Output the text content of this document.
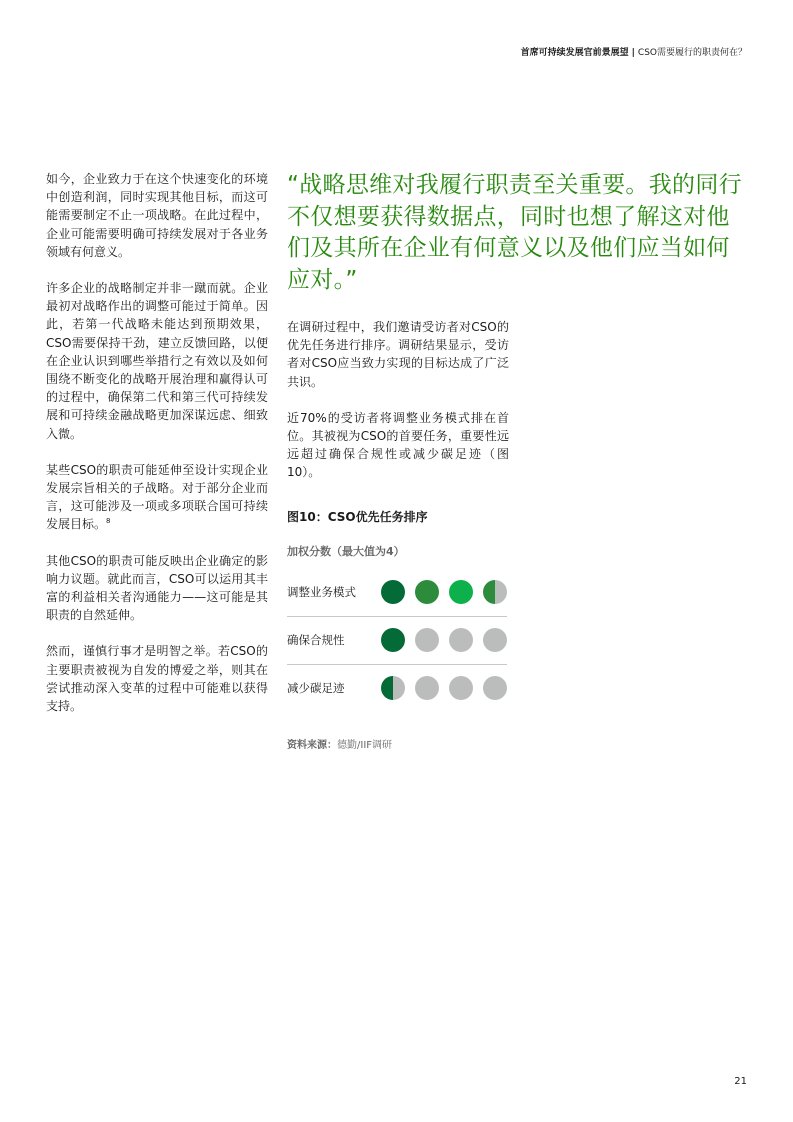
首席可持续发展官前景展望 | CSO需要履行的职责何在？

如今，企业致力于在这个快速变化的环境中创造利润，同时实现其他目标，而这可能需要制定不止一项战略。在此过程中，企业可能需要明确可持续发展对于各业务领域有何意义。

许多企业的战略制定并非一蹴而就。企业最初对战略作出的调整可能过于简单。因此，若第一代战略未能达到预期效果，CSO需要保持干劲，建立反馈回路，以便在企业认识到哪些举措行之有效以及如何围绕不断变化的战略开展治理和赢得认可的过程中，确保第二代和第三代可持续发展和可持续金融战略更加深谋远虑、细致入微。

某些CSO的职责可能延伸至设计实现企业发展宗旨相关的子战略。对于部分企业而言，这可能涉及一项或多项联合国可持续发展目标。$^8$

其他CSO的职责可能反映出企业确定的影响力议题。就此而言，CSO可以运用其丰富的利益相关者沟通能力——这可能是其职责的自然延伸。

然而，谨慎行事才是明智之举。若CSO的主要职责被视为自发的博爱之举，则其在尝试推动深入变革的过程中可能难以获得支持。

“战略思维对我履行职责至关重要。我的同行不仅想要获得数据点，同时也想了解这对他们及其所在企业有何意义以及他们应当如何应对。”

在调研过程中，我们邀请受访者对CSO的优先任务进行排序。调研结果显示，受访者对CSO应当致力实现的目标达成了广泛共识。

近70%的受访者将调整业务模式排在首位。其被视为CSO的首要任务，重要性远远超过确保合规性或减少碳足迹（图10）。

图10：CSO优先任务排序
加权分数（最大值为4）
调整业务模式
确保合规性
减少碳足迹
资料来源：德勤/IIF调研
21
